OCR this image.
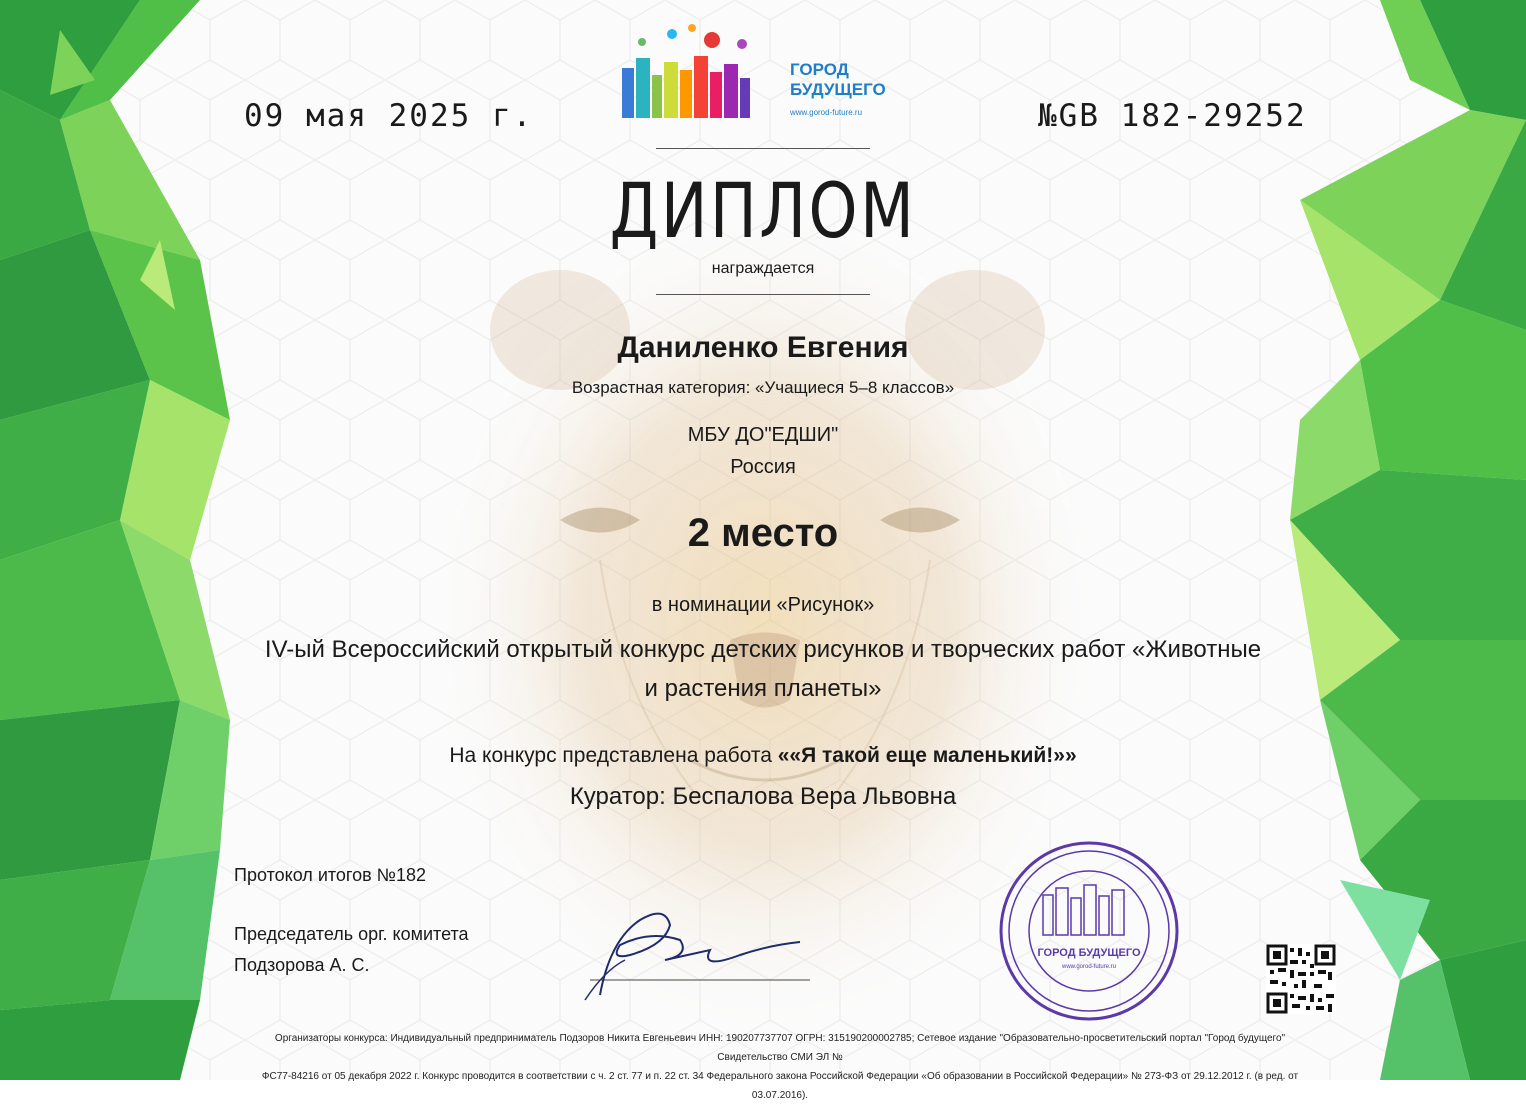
ГОРОД
БУДУЩЕГО
www.gorod-future.ru
09 мая 2025 г.	№GB 182-29252
ДИПЛОМ
награждается
Даниленко Евгения
Возрастная категория: «Учащиеся 5–8 классов»
МБУ ДО"ЕДШИ"
Россия
2 место
в номинации «Рисунок»
IV-ый Всероссийский открытый конкурс детских рисунков и творческих работ «Животные и растения планеты»
На конкурс представлена работа ««Я такой еще маленький!»»
Куратор: Беспалова Вера Львовна
Протокол итогов №182
Председатель орг. комитета
Подзорова А. С.
ГОРОД БУДУЩЕГО
www.gorod-future.ru
Организаторы конкурса: Индивидуальный предприниматель Подзоров Никита Евгеньевич ИНН: 190207737707 ОГРН: 315190200002785; Сетевое издание "Образовательно-просветительский портал "Город будущего" Свидетельство СМИ ЭЛ №
ФС77-84216 от 05 декабря 2022 г. Конкурс проводится в соответствии с ч. 2 ст. 77 и п. 22 ст. 34 Федерального закона Российской Федерации «Об образовании в Российской Федерации» № 273-ФЗ от 29.12.2012 г. (в ред. от 03.07.2016).
